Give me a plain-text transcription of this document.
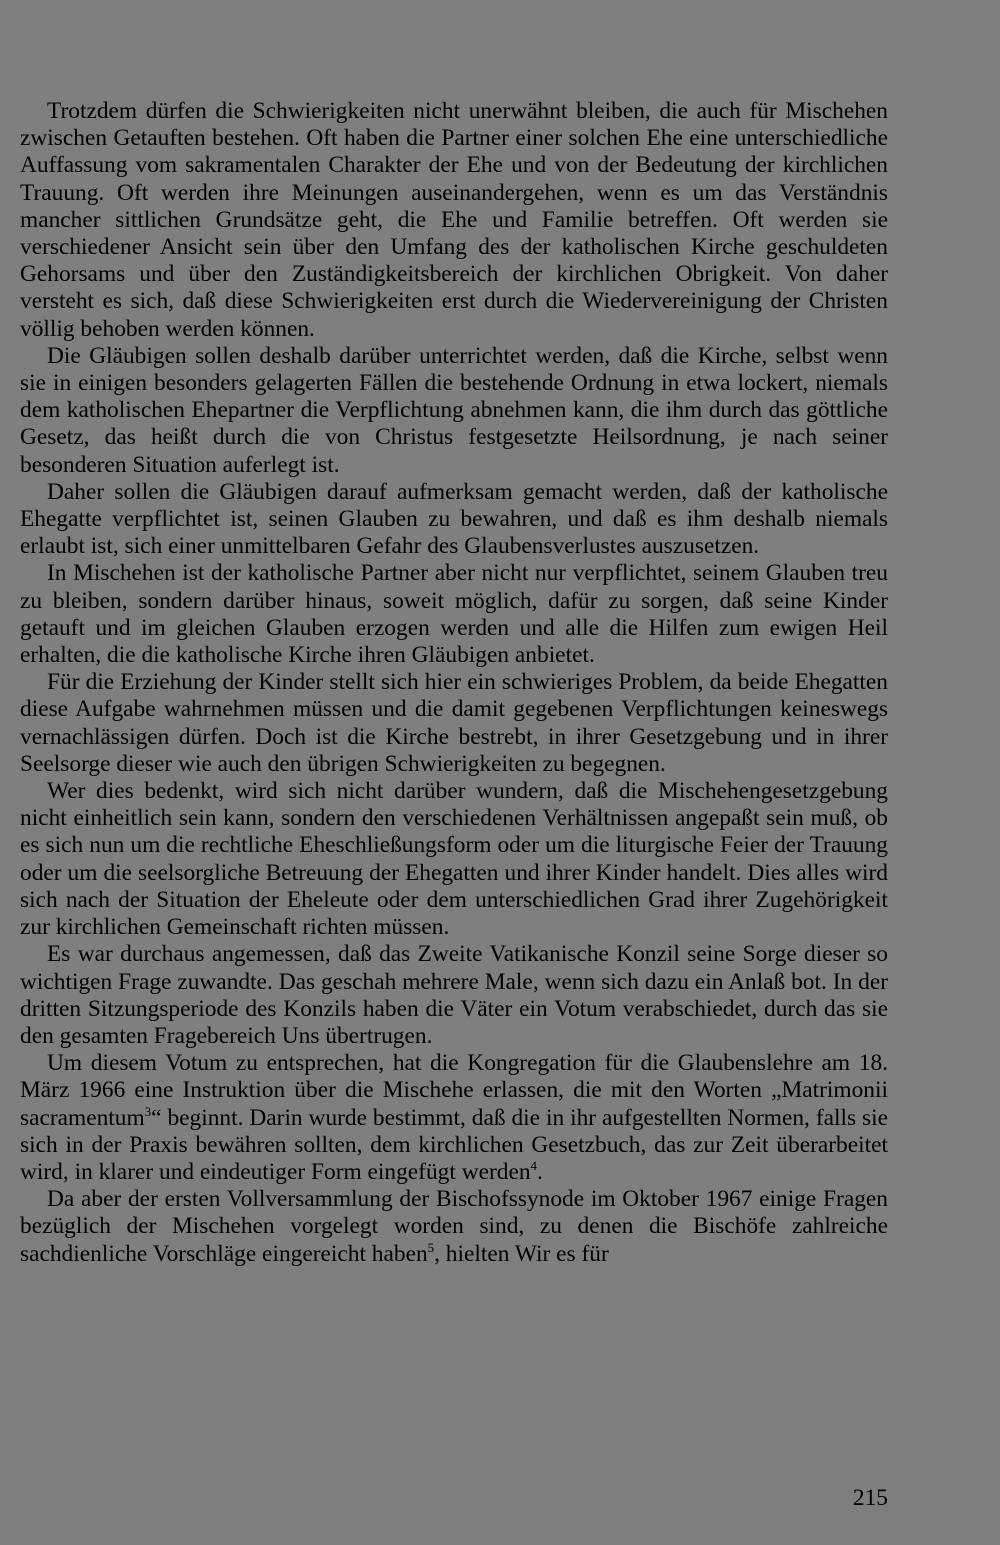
Trotzdem dürfen die Schwierigkeiten nicht unerwähnt bleiben, die auch für Mischehen zwischen Getauften bestehen. Oft haben die Partner einer solchen Ehe eine unterschiedliche Auffassung vom sakramentalen Charakter der Ehe und von der Bedeutung der kirchlichen Trauung. Oft werden ihre Meinungen auseinandergehen, wenn es um das Verständnis mancher sittlichen Grundsätze geht, die Ehe und Familie betreffen. Oft werden sie verschiedener Ansicht sein über den Umfang des der katholischen Kirche geschuldeten Gehorsams und über den Zuständigkeitsbereich der kirchlichen Obrigkeit. Von daher versteht es sich, daß diese Schwierigkeiten erst durch die Wiedervereinigung der Christen völlig behoben werden können.

Die Gläubigen sollen deshalb darüber unterrichtet werden, daß die Kirche, selbst wenn sie in einigen besonders gelagerten Fällen die bestehende Ordnung in etwa lockert, niemals dem katholischen Ehepartner die Verpflichtung abnehmen kann, die ihm durch das göttliche Gesetz, das heißt durch die von Christus festgesetzte Heilsordnung, je nach seiner besonderen Situation auferlegt ist.

Daher sollen die Gläubigen darauf aufmerksam gemacht werden, daß der katholische Ehegatte verpflichtet ist, seinen Glauben zu bewahren, und daß es ihm deshalb niemals erlaubt ist, sich einer unmittelbaren Gefahr des Glaubensverlustes auszusetzen.

In Mischehen ist der katholische Partner aber nicht nur verpflichtet, seinem Glauben treu zu bleiben, sondern darüber hinaus, soweit möglich, dafür zu sorgen, daß seine Kinder getauft und im gleichen Glauben erzogen werden und alle die Hilfen zum ewigen Heil erhalten, die die katholische Kirche ihren Gläubigen anbietet.

Für die Erziehung der Kinder stellt sich hier ein schwieriges Problem, da beide Ehegatten diese Aufgabe wahrnehmen müssen und die damit gegebenen Verpflichtungen keineswegs vernachlässigen dürfen. Doch ist die Kirche bestrebt, in ihrer Gesetzgebung und in ihrer Seelsorge dieser wie auch den übrigen Schwierigkeiten zu begegnen.

Wer dies bedenkt, wird sich nicht darüber wundern, daß die Mischehengesetzgebung nicht einheitlich sein kann, sondern den verschiedenen Verhältnissen angepaßt sein muß, ob es sich nun um die rechtliche Eheschließungsform oder um die liturgische Feier der Trauung oder um die seelsorgliche Betreuung der Ehegatten und ihrer Kinder handelt. Dies alles wird sich nach der Situation der Eheleute oder dem unterschiedlichen Grad ihrer Zugehörigkeit zur kirchlichen Gemeinschaft richten müssen.

Es war durchaus angemessen, daß das Zweite Vatikanische Konzil seine Sorge dieser so wichtigen Frage zuwandte. Das geschah mehrere Male, wenn sich dazu ein Anlaß bot. In der dritten Sitzungsperiode des Konzils haben die Väter ein Votum verabschiedet, durch das sie den gesamten Fragebereich Uns übertrugen.

Um diesem Votum zu entsprechen, hat die Kongregation für die Glaubenslehre am 18. März 1966 eine Instruktion über die Mischehe erlassen, die mit den Worten „Matrimonii sacramentum$^3$“ beginnt. Darin wurde bestimmt, daß die in ihr aufgestellten Normen, falls sie sich in der Praxis bewähren sollten, dem kirchlichen Gesetzbuch, das zur Zeit überarbeitet wird, in klarer und eindeutiger Form eingefügt werden$^4$.

Da aber der ersten Vollversammlung der Bischofssynode im Oktober 1967 einige Fragen bezüglich der Mischehen vorgelegt worden sind, zu denen die Bischöfe zahlreiche sachdienliche Vorschläge eingereicht haben$^5$, hielten Wir es für

215
